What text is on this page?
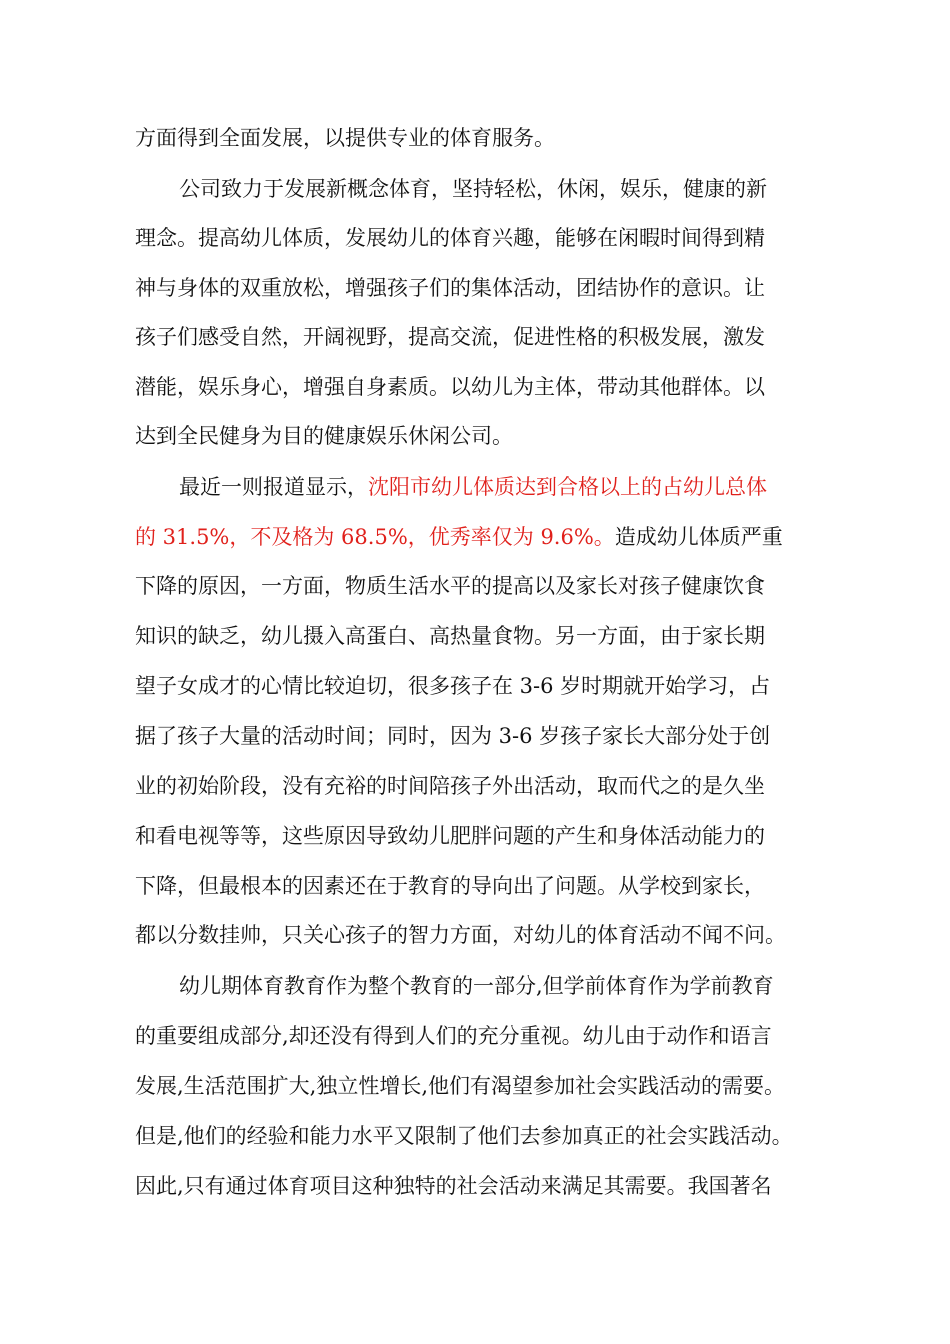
方面得到全面发展，以提供专业的体育服务。
公司致力于发展新概念体育，坚持轻松，休闲，娱乐，健康的新
理念。提高幼儿体质，发展幼儿的体育兴趣，能够在闲暇时间得到精
神与身体的双重放松，增强孩子们的集体活动，团结协作的意识。让
孩子们感受自然，开阔视野，提高交流，促进性格的积极发展，激发
潜能，娱乐身心，增强自身素质。以幼儿为主体，带动其他群体。以
达到全民健身为目的健康娱乐休闲公司。
最近一则报道显示，沈阳市幼儿体质达到合格以上的占幼儿总体
的 31.5%，不及格为 68.5%，优秀率仅为 9.6%。造成幼儿体质严重
下降的原因，一方面，物质生活水平的提高以及家长对孩子健康饮食
知识的缺乏，幼儿摄入高蛋白、高热量食物。另一方面，由于家长期
望子女成才的心情比较迫切，很多孩子在 3-6 岁时期就开始学习，占
据了孩子大量的活动时间；同时，因为 3-6 岁孩子家长大部分处于创
业的初始阶段，没有充裕的时间陪孩子外出活动，取而代之的是久坐
和看电视等等，这些原因导致幼儿肥胖问题的产生和身体活动能力的
下降，但最根本的因素还在于教育的导向出了问题。从学校到家长，
都以分数挂帅，只关心孩子的智力方面，对幼儿的体育活动不闻不问。
幼儿期体育教育作为整个教育的一部分,但学前体育作为学前教育
的重要组成部分,却还没有得到人们的充分重视。幼儿由于动作和语言
发展,生活范围扩大,独立性增长,他们有渴望参加社会实践活动的需要。
但是,他们的经验和能力水平又限制了他们去参加真正的社会实践活动。
因此,只有通过体育项目这种独特的社会活动来满足其需要。我国著名
